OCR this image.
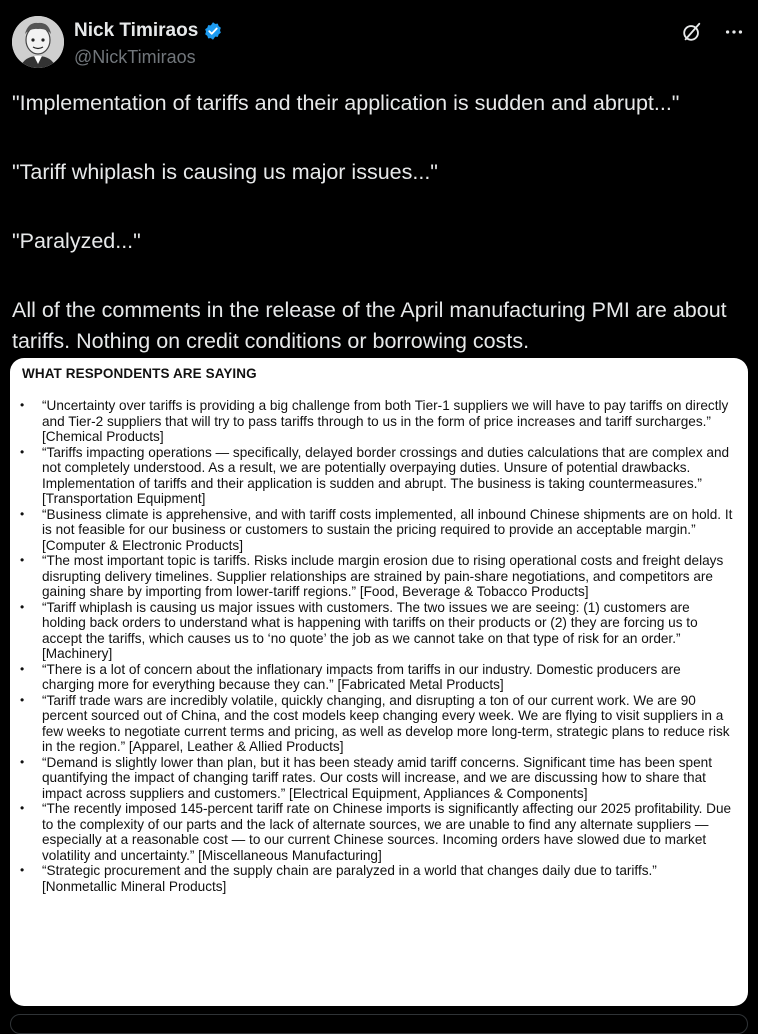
Nick Timiraos
@NickTimiraos

"Implementation of tariffs and their application is sudden and abrupt..."

"Tariff whiplash is causing us major issues..."

"Paralyzed..."

All of the comments in the release of the April manufacturing PMI are about tariffs. Nothing on credit conditions or borrowing costs.

WHAT RESPONDENTS ARE SAYING
• “Uncertainty over tariffs is providing a big challenge from both Tier-1 suppliers we will have to pay tariffs on directly and Tier-2 suppliers that will try to pass tariffs through to us in the form of price increases and tariff surcharges.” [Chemical Products]
• “Tariffs impacting operations — specifically, delayed border crossings and duties calculations that are complex and not completely understood. As a result, we are potentially overpaying duties. Unsure of potential drawbacks. Implementation of tariffs and their application is sudden and abrupt. The business is taking countermeasures.” [Transportation Equipment]
• “Business climate is apprehensive, and with tariff costs implemented, all inbound Chinese shipments are on hold. It is not feasible for our business or customers to sustain the pricing required to provide an acceptable margin.” [Computer & Electronic Products]
• “The most important topic is tariffs. Risks include margin erosion due to rising operational costs and freight delays disrupting delivery timelines. Supplier relationships are strained by pain-share negotiations, and competitors are gaining share by importing from lower-tariff regions.” [Food, Beverage & Tobacco Products]
• “Tariff whiplash is causing us major issues with customers. The two issues we are seeing: (1) customers are holding back orders to understand what is happening with tariffs on their products or (2) they are forcing us to accept the tariffs, which causes us to ‘no quote’ the job as we cannot take on that type of risk for an order.” [Machinery]
• “There is a lot of concern about the inflationary impacts from tariffs in our industry. Domestic producers are charging more for everything because they can.” [Fabricated Metal Products]
• “Tariff trade wars are incredibly volatile, quickly changing, and disrupting a ton of our current work. We are 90 percent sourced out of China, and the cost models keep changing every week. We are flying to visit suppliers in a few weeks to negotiate current terms and pricing, as well as develop more long-term, strategic plans to reduce risk in the region.” [Apparel, Leather & Allied Products]
• “Demand is slightly lower than plan, but it has been steady amid tariff concerns. Significant time has been spent quantifying the impact of changing tariff rates. Our costs will increase, and we are discussing how to share that impact across suppliers and customers.” [Electrical Equipment, Appliances & Components]
• “The recently imposed 145-percent tariff rate on Chinese imports is significantly affecting our 2025 profitability. Due to the complexity of our parts and the lack of alternate sources, we are unable to find any alternate suppliers — especially at a reasonable cost — to our current Chinese sources. Incoming orders have slowed due to market volatility and uncertainty.” [Miscellaneous Manufacturing]
• “Strategic procurement and the supply chain are paralyzed in a world that changes daily due to tariffs.” [Nonmetallic Mineral Products]
